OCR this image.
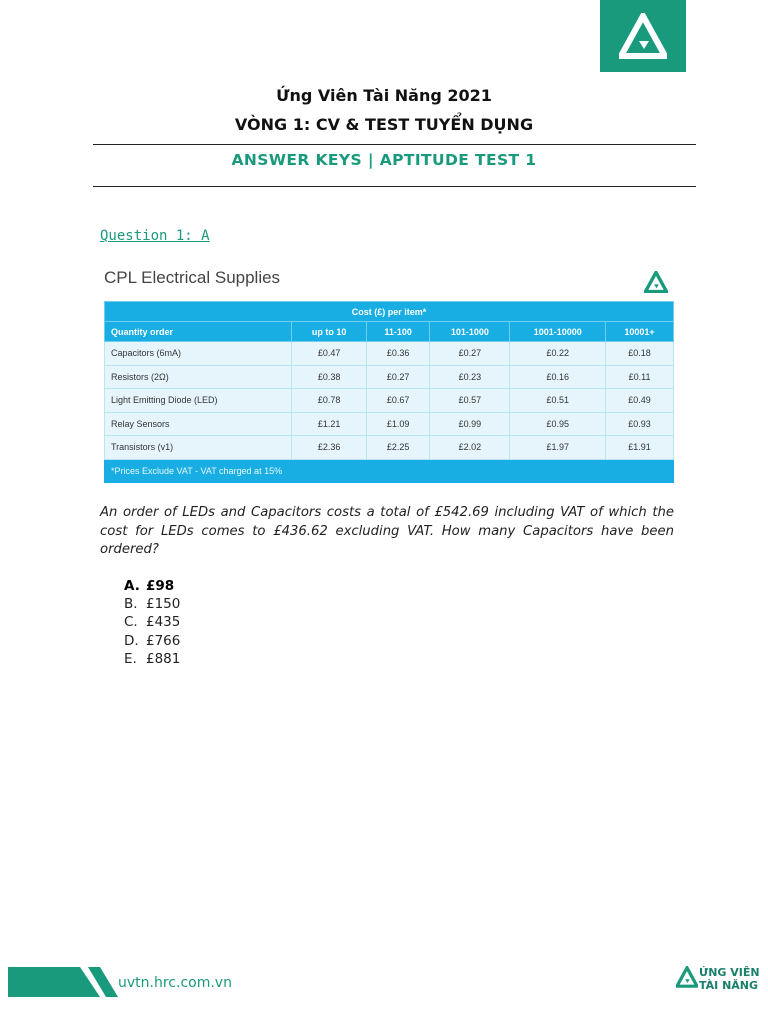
Ứng Viên Tài Năng 2021
VÒNG 1: CV & TEST TUYỂN DỤNG
ANSWER KEYS | APTITUDE TEST 1
Question 1: A
CPL Electrical Supplies
Cost (£) per item*					
Quantity order	up to 10	11-100	101-1000	1001-10000	10001+
Capacitors (6mA)	£0.47	£0.36	£0.27	£0.22	£0.18
Resistors (2Ω)	£0.38	£0.27	£0.23	£0.16	£0.11
Light Emitting Diode (LED)	£0.78	£0.67	£0.57	£0.51	£0.49
Relay Sensors	£1.21	£1.09	£0.99	£0.95	£0.93
Transistors (v1)	£2.36	£2.25	£2.02	£1.97	£1.91
*Prices Exclude VAT - VAT charged at 15%					
An order of LEDs and Capacitors costs a total of £542.69 including VAT of which the cost for LEDs comes to £436.62 excluding VAT. How many Capacitors have been ordered?
A. £98
B. £150
C. £435
D. £766
E. £881
uvtn.hrc.com.vn
ỨNG VIÊN
TÀI NĂNG
